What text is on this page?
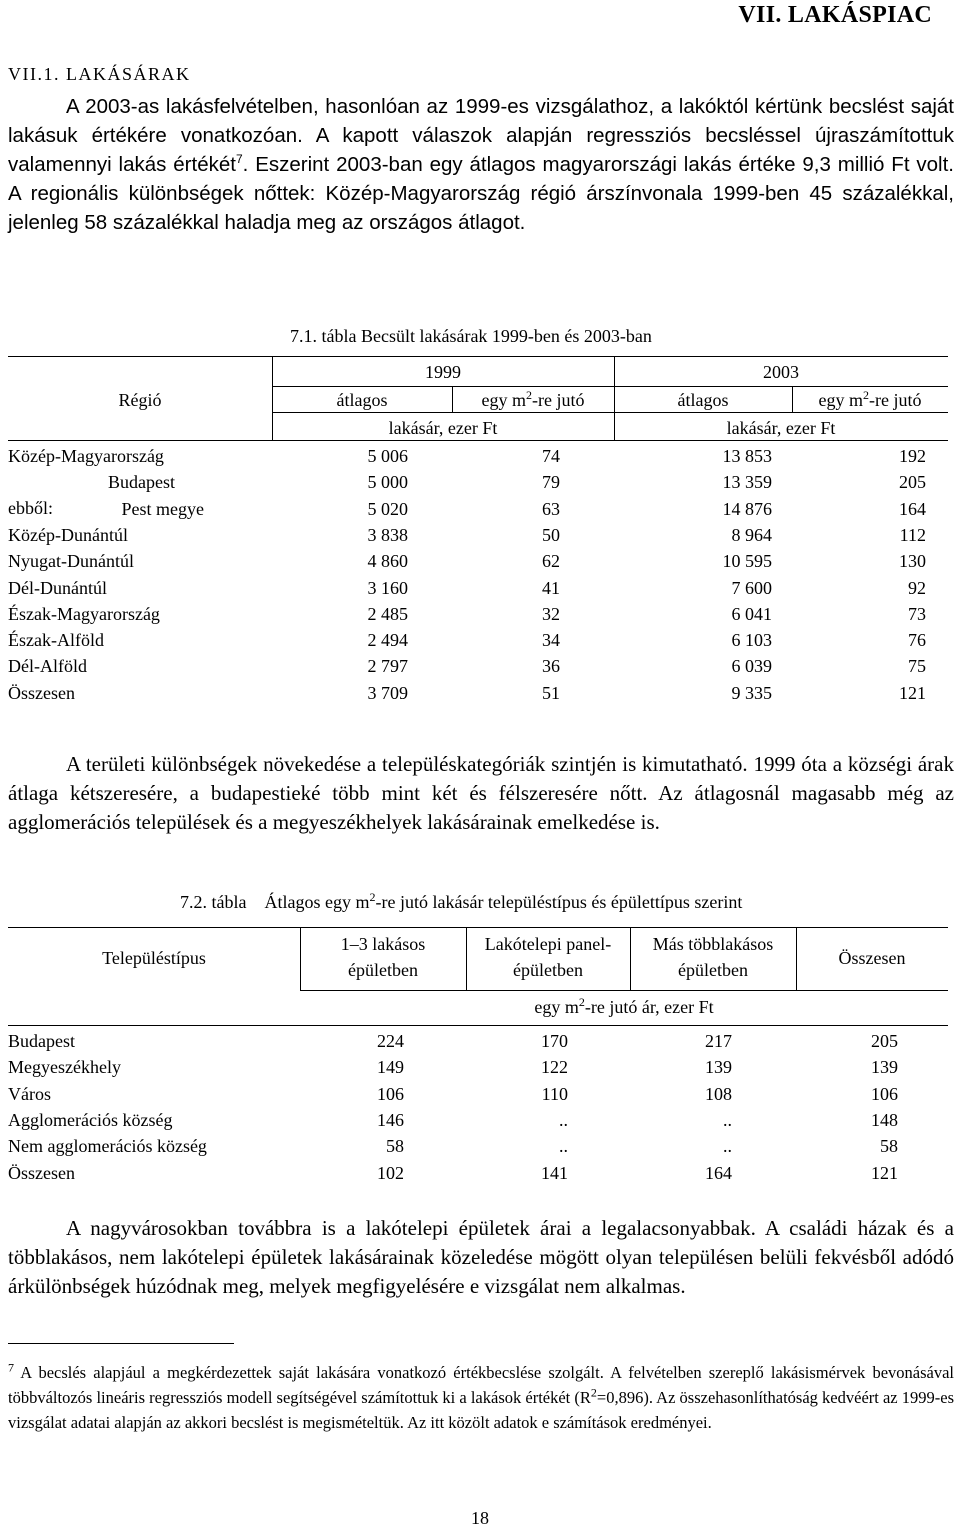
VII. LAKÁSPIAC
VII.1. LAKÁSÁRAK
A 2003-as lakásfelvételben, hasonlóan az 1999-es vizsgálathoz, a lakóktól kértünk becslést saját lakásuk értékére vonatkozóan. A kapott válaszok alapján regressziós becsléssel újraszámítottuk valamennyi lakás értékét$^7$. Eszerint 2003-ban egy átlagos magyarországi lakás értéke 9,3 millió Ft volt. A regionális különbségek nőttek: Közép-Magyarország régió árszínvonala 1999-ben 45 százalékkal, jelenleg 58 százalékkal haladja meg az országos átlagot.
7.1. tábla Becsült lakásárak 1999-ben és 2003-ban
Régió
1999	2003
átlagos	egy $m^2-re$ jutó	átlagos	egy $m^2-re$ jutó
lakásár, ezer Ft	lakásár, ezer Ft
ebből:
Közép-Magyarország	5 006	74	13 853	192
Budapest	5 000	79	13 359	205
Pest megye	5 020	63	14 876	164
Közép-Dunántúl	3 838	50	8 964	112
Nyugat-Dunántúl	4 860	62	10 595	130
Dél-Dunántúl	3 160	41	7 600	92
Észak-Magyarország	2 485	32	6 041	73
Észak-Alföld	2 494	34	6 103	76
Dél-Alföld	2 797	36	6 039	75
Összesen	3 709	51	9 335	121
A területi különbségek növekedése a településkategóriák szintjén is kimutatható. 1999 óta a községi árak átlaga kétszeresére, a budapestieké több mint két és félszeresére nőtt. Az átlagosnál magasabb még az agglomerációs települések és a megyeszékhelyek lakásárainak emelkedése is.
7.2. tábla Átlagos egy $m^2-re$ jutó lakásár településtípus és épülettípus szerint
Településtípus
1–3 lakásos
épületben
Lakótelepi panel-
épületben
Más többlakásos
épületben
Összesen
egy $m^2-re$ jutó ár, ezer Ft
Budapest	224	170	217	205
Megyeszékhely	149	122	139	139
Város	106	110	108	106
Agglomerációs község	146	..	..	148
Nem agglomerációs község	58	..	..	58
Összesen	102	141	164	121
A nagyvárosokban továbbra is a lakótelepi épületek árai a legalacsonyabbak. A családi házak és a többlakásos, nem lakótelepi épületek lakásárainak közeledése mögött olyan településen belüli fekvésből adódó árkülönbségek húzódnak meg, melyek megfigyelésére e vizsgálat nem alkalmas.
$^7$ A becslés alapjául a megkérdezettek saját lakására vonatkozó értékbecslése szolgált. A felvételben szereplő lakásismérvek bevonásával többváltozós lineáris regressziós modell segítségével számítottuk ki a lakások értékét $(R^2=0,896)$. Az összehasonlíthatóság kedvéért az 1999-es vizsgálat adatai alapján az akkori becslést is megismételtük. Az itt közölt adatok e számítások eredményei.
18
